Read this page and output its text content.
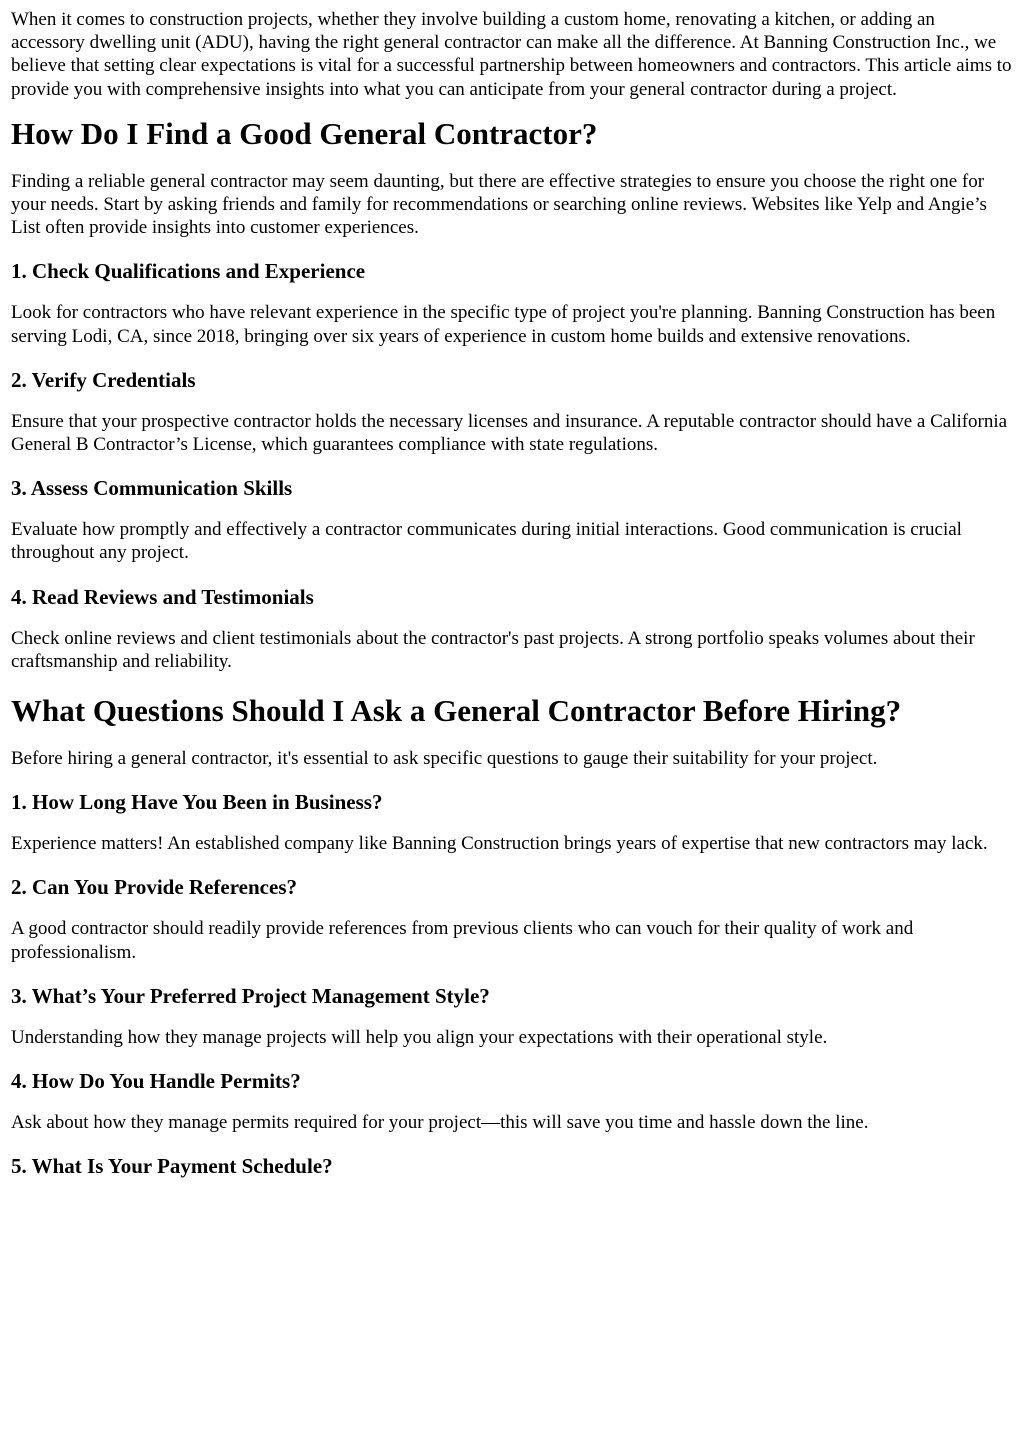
When it comes to construction projects, whether they involve building a custom home, renovating a kitchen, or adding an accessory dwelling unit (ADU), having the right general contractor can make all the difference. At Banning Construction Inc., we believe that setting clear expectations is vital for a successful partnership between homeowners and contractors. This article aims to provide you with comprehensive insights into what you can anticipate from your general contractor during a project.

How Do I Find a Good General Contractor?

Finding a reliable general contractor may seem daunting, but there are effective strategies to ensure you choose the right one for your needs. Start by asking friends and family for recommendations or searching online reviews. Websites like Yelp and Angie’s List often provide insights into customer experiences.

1. Check Qualifications and Experience

Look for contractors who have relevant experience in the specific type of project you're planning. Banning Construction has been serving Lodi, CA, since 2018, bringing over six years of experience in custom home builds and extensive renovations.

2. Verify Credentials

Ensure that your prospective contractor holds the necessary licenses and insurance. A reputable contractor should have a California General B Contractor’s License, which guarantees compliance with state regulations.

3. Assess Communication Skills

Evaluate how promptly and effectively a contractor communicates during initial interactions. Good communication is crucial throughout any project.

4. Read Reviews and Testimonials

Check online reviews and client testimonials about the contractor's past projects. A strong portfolio speaks volumes about their craftsmanship and reliability.

What Questions Should I Ask a General Contractor Before Hiring?

Before hiring a general contractor, it's essential to ask specific questions to gauge their suitability for your project.

1. How Long Have You Been in Business?

Experience matters! An established company like Banning Construction brings years of expertise that new contractors may lack.

2. Can You Provide References?

A good contractor should readily provide references from previous clients who can vouch for their quality of work and professionalism.

3. What’s Your Preferred Project Management Style?

Understanding how they manage projects will help you align your expectations with their operational style.

4. How Do You Handle Permits?

Ask about how they manage permits required for your project—this will save you time and hassle down the line.

5. What Is Your Payment Schedule?
